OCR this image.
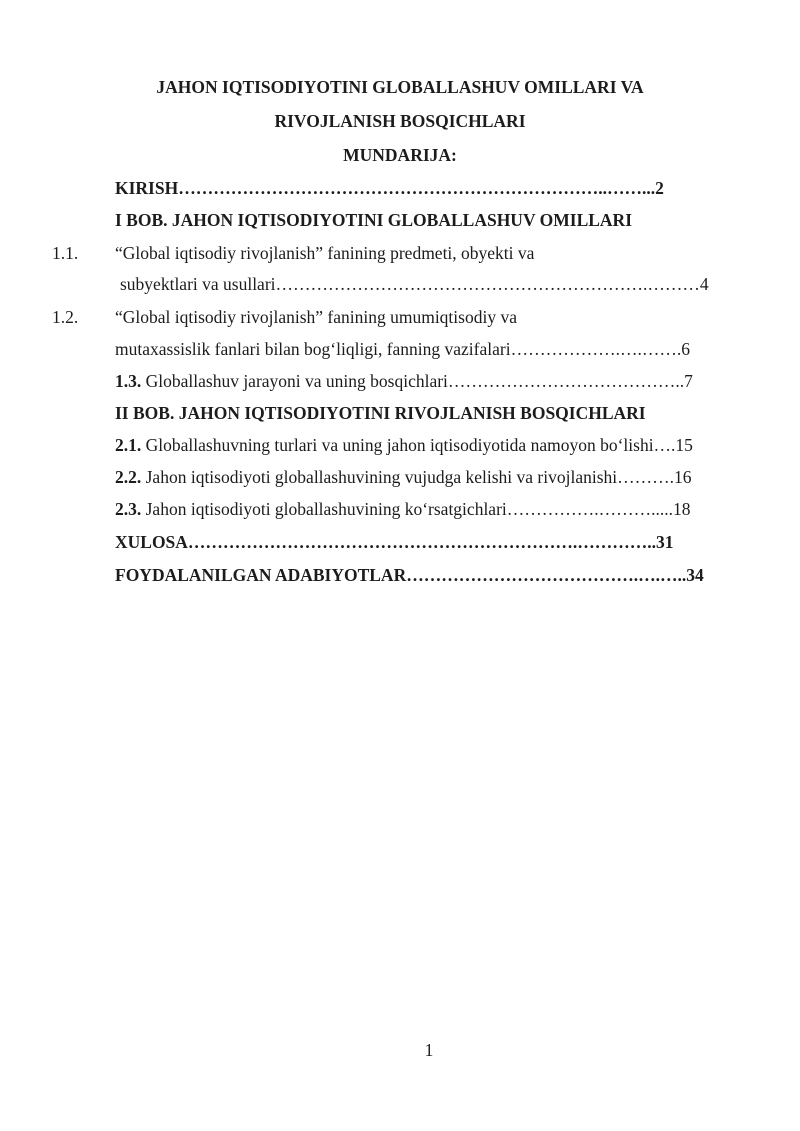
JAHON IQTISODIYOTINI GLOBALLASHUV OMILLARI VA
RIVOJLANISH BOSQICHLARI
MUNDARIJA:
KIRISH………………………………………………………………..……...2
I BOB. JAHON IQTISODIYOTINI GLOBALLASHUV OMILLARI
1.1. “Global iqtisodiy rivojlanish” fanining predmeti, obyekti va
subyektlari va usullari……………………………………………………….………4
1.2. “Global iqtisodiy rivojlanish” fanining umumiqtisodiy va
mutaxassislik fanlari bilan bog‘liqligi, fanning vazifalari……………….….…….6
1.3. Globallashuv jarayoni va uning bosqichlari…………………………………..7
II BOB. JAHON IQTISODIYOTINI RIVOJLANISH BOSQICHLARI
2.1. Globallashuvning turlari va uning jahon iqtisodiyotida namoyon bo‘lishi….15
2.2. Jahon iqtisodiyoti globallashuvining vujudga kelishi va rivojlanishi……….16
2.3. Jahon iqtisodiyoti globallashuvining ko‘rsatgichlari…………….……….....18
XULOSA………………………………………………………….…………..31
FOYDALANILGAN ADABIYOTLAR………………………………….….…..34
1
